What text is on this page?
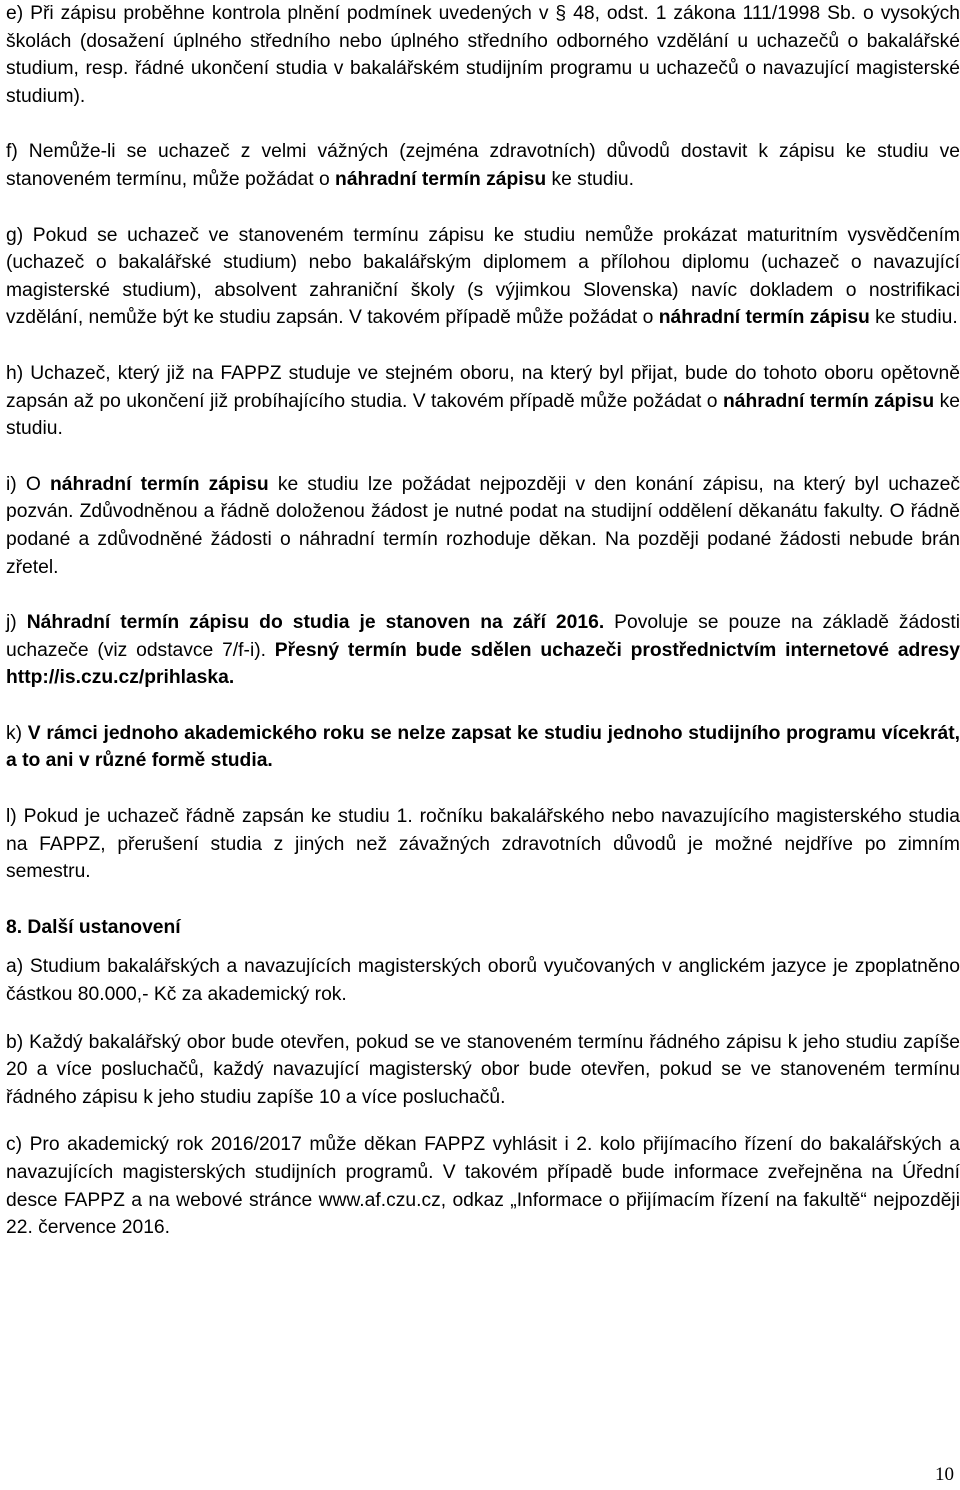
e) Při zápisu proběhne kontrola plnění podmínek uvedených v § 48, odst. 1 zákona 111/1998 Sb. o vysokých školách (dosažení úplného středního nebo úplného středního odborného vzdělání u uchazečů o bakalářské studium, resp. řádné ukončení studia v bakalářském studijním programu u uchazečů o navazující magisterské studium).

f) Nemůže-li se uchazeč z velmi vážných (zejména zdravotních) důvodů dostavit k zápisu ke studiu ve stanoveném termínu, může požádat o náhradní termín zápisu ke studiu.

g) Pokud se uchazeč ve stanoveném termínu zápisu ke studiu nemůže prokázat maturitním vysvědčením (uchazeč o bakalářské studium) nebo bakalářským diplomem a přílohou diplomu (uchazeč o navazující magisterské studium), absolvent zahraniční školy (s výjimkou Slovenska) navíc dokladem o nostrifikaci vzdělání, nemůže být ke studiu zapsán. V takovém případě může požádat o náhradní termín zápisu ke studiu.

h) Uchazeč, který již na FAPPZ studuje ve stejném oboru, na který byl přijat, bude do tohoto oboru opětovně zapsán až po ukončení již probíhajícího studia. V takovém případě může požádat o náhradní termín zápisu ke studiu.

i) O náhradní termín zápisu ke studiu lze požádat nejpozději v den konání zápisu, na který byl uchazeč pozván. Zdůvodněnou a řádně doloženou žádost je nutné podat na studijní oddělení děkanátu fakulty. O řádně podané a zdůvodněné žádosti o náhradní termín rozhoduje děkan. Na později podané žádosti nebude brán zřetel.

j) Náhradní termín zápisu do studia je stanoven na září 2016. Povoluje se pouze na základě žádosti uchazeče (viz odstavce 7/f-i). Přesný termín bude sdělen uchazeči prostřednictvím internetové adresy http://is.czu.cz/prihlaska.

k) V rámci jednoho akademického roku se nelze zapsat ke studiu jednoho studijního programu vícekrát, a to ani v různé formě studia.

l) Pokud je uchazeč řádně zapsán ke studiu 1. ročníku bakalářského nebo navazujícího magisterského studia na FAPPZ, přerušení studia z jiných než závažných zdravotních důvodů je možné nejdříve po zimním semestru.

8. Další ustanovení

a) Studium bakalářských a navazujících magisterských oborů vyučovaných v anglickém jazyce je zpoplatněno částkou 80.000,- Kč za akademický rok.

b) Každý bakalářský obor bude otevřen, pokud se ve stanoveném termínu řádného zápisu k jeho studiu zapíše 20 a více posluchačů, každý navazující magisterský obor bude otevřen, pokud se ve stanoveném termínu řádného zápisu k jeho studiu zapíše 10 a více posluchačů.

c) Pro akademický rok 2016/2017 může děkan FAPPZ vyhlásit i 2. kolo přijímacího řízení do bakalářských a navazujících magisterských studijních programů. V takovém případě bude informace zveřejněna na Úřední desce FAPPZ a na webové stránce www.af.czu.cz, odkaz „Informace o přijímacím řízení na fakultě“ nejpozději 22. července 2016.

10
